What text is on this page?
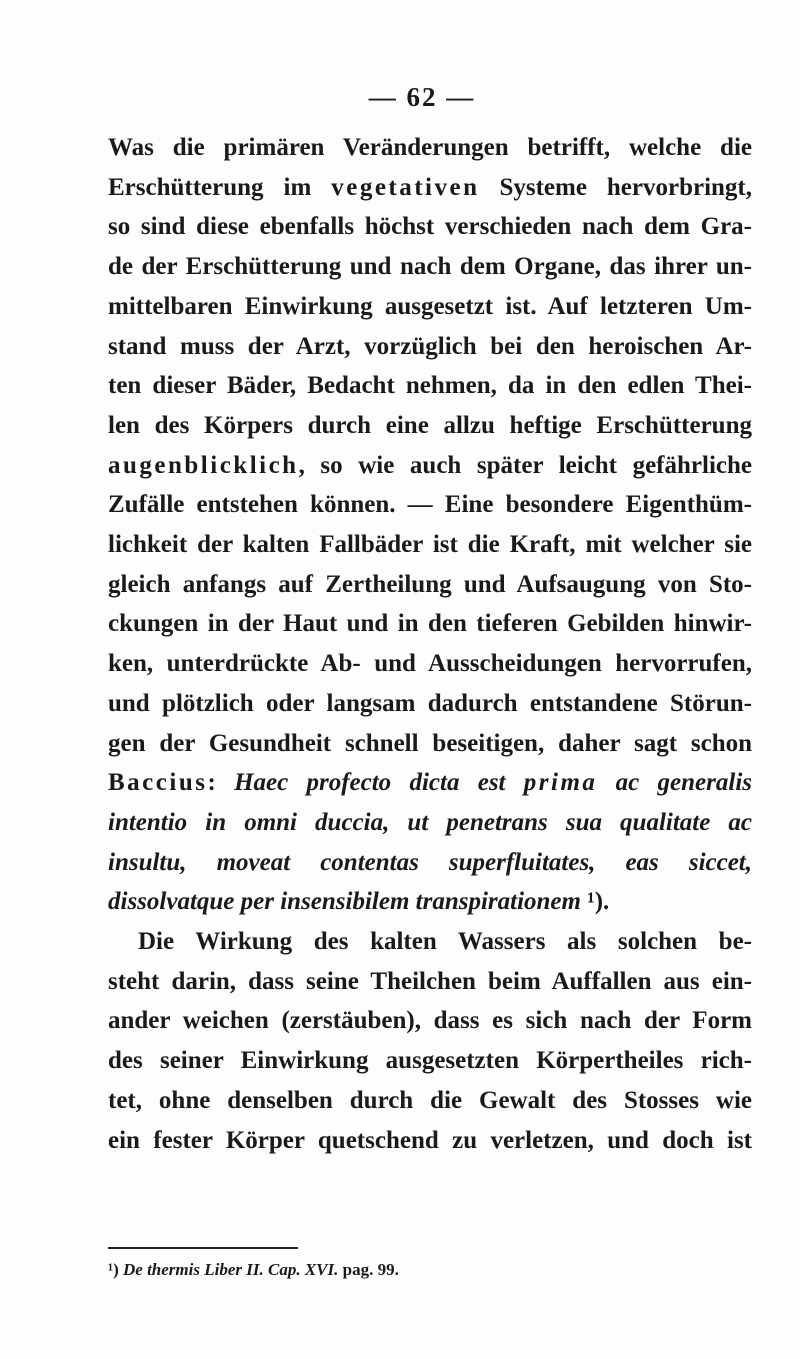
— 62 —
Was die primären Veränderungen betrifft, welche die
Erschütterung im vegetativen Systeme hervorbringt,
so sind diese ebenfalls höchst verschieden nach dem Gra-
de der Erschütterung und nach dem Organe, das ihrer un-
mittelbaren Einwirkung ausgesetzt ist. Auf letzteren Um-
stand muss der Arzt, vorzüglich bei den heroischen Ar-
ten dieser Bäder, Bedacht nehmen, da in den edlen Thei-
len des Körpers durch eine allzu heftige Erschütterung
augenblicklich, so wie auch später leicht gefährliche
Zufälle entstehen können. — Eine besondere Eigenthüm-
lichkeit der kalten Fallbäder ist die Kraft, mit welcher sie
gleich anfangs auf Zertheilung und Aufsaugung von Sto-
ckungen in der Haut und in den tieferen Gebilden hinwir-
ken, unterdrückte Ab- und Ausscheidungen hervorrufen,
und plötzlich oder langsam dadurch entstandene Störun-
gen der Gesundheit schnell beseitigen, daher sagt schon
Baccius: Haec profecto dicta est prima ac generalis
intentio in omni duccia, ut penetrans sua qualitate ac
insultu, moveat contentas superfluitates, eas siccet,
dissolvatque per insensibilem transpirationem ¹).
Die Wirkung des kalten Wassers als solchen be-
steht darin, dass seine Theilchen beim Auffallen aus ein-
ander weichen (zerstäuben), dass es sich nach der Form
des seiner Einwirkung ausgesetzten Körpertheiles rich-
tet, ohne denselben durch die Gewalt des Stosses wie
ein fester Körper quetschend zu verletzen, und doch ist
¹) De thermis Liber II. Cap. XVI. pag. 99.
